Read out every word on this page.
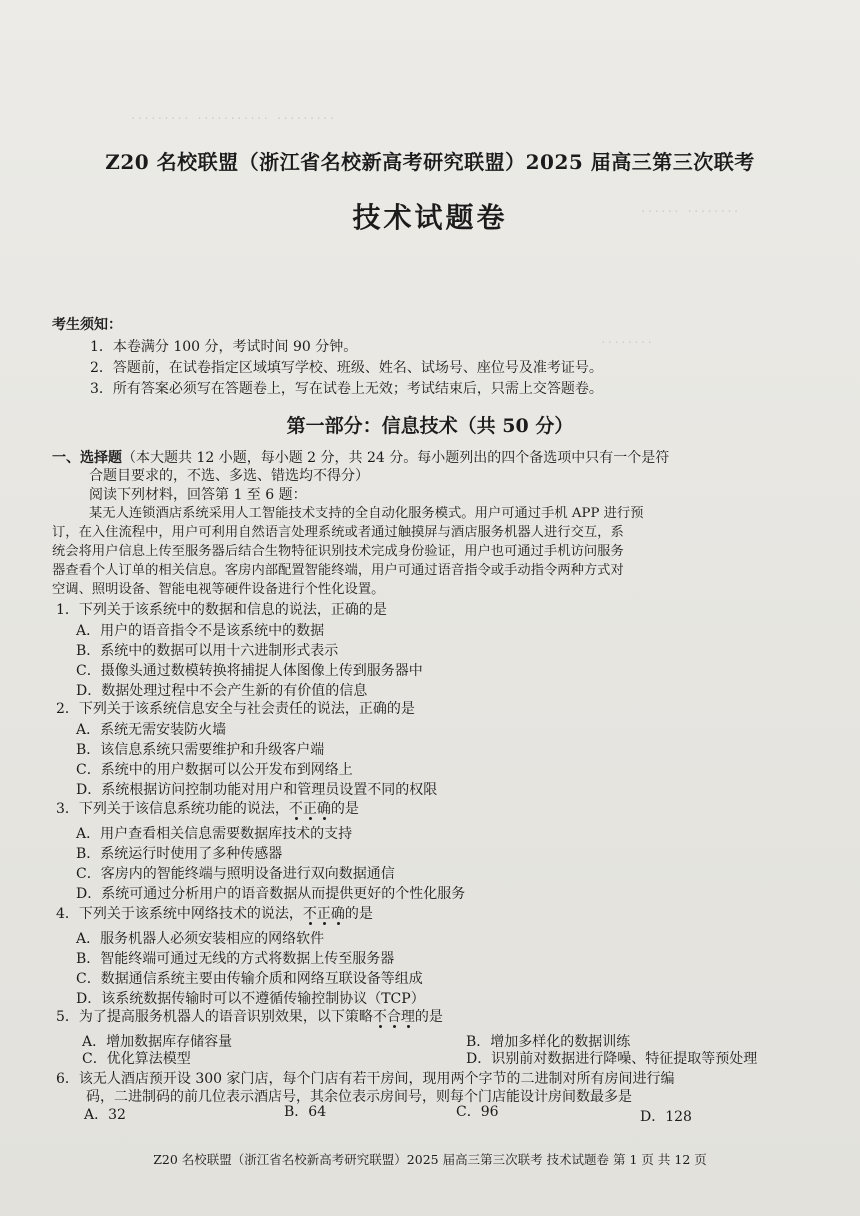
········· ··········· ·········
······ ········
········
Z20 名校联盟（浙江省名校新高考研究联盟）2025 届高三第三次联考
技术试题卷
考生须知：
1．本卷满分 100 分，考试时间 90 分钟。
2．答题前，在试卷指定区域填写学校、班级、姓名、试场号、座位号及准考证号。
3．所有答案必须写在答题卷上，写在试卷上无效；考试结束后，只需上交答题卷。
第一部分：信息技术（共 50 分）
一、选择题（本大题共 12 小题，每小题 2 分，共 24 分。每小题列出的四个备选项中只有一个是符
合题目要求的，不选、多选、错选均不得分）
阅读下列材料，回答第 1 至 6 题：
某无人连锁酒店系统采用人工智能技术支持的全自动化服务模式。用户可通过手机 APP 进行预
订，在入住流程中，用户可利用自然语言处理系统或者通过触摸屏与酒店服务机器人进行交互，系
统会将用户信息上传至服务器后结合生物特征识别技术完成身份验证，用户也可通过手机访问服务
器查看个人订单的相关信息。客房内部配置智能终端，用户可通过语音指令或手动指令两种方式对
空调、照明设备、智能电视等硬件设备进行个性化设置。
1．下列关于该系统中的数据和信息的说法，正确的是
A．用户的语音指令不是该系统中的数据
B．系统中的数据可以用十六进制形式表示
C．摄像头通过数模转换将捕捉人体图像上传到服务器中
D．数据处理过程中不会产生新的有价值的信息
2．下列关于该系统信息安全与社会责任的说法，正确的是
A．系统无需安装防火墙
B．该信息系统只需要维护和升级客户端
C．系统中的用户数据可以公开发布到网络上
D．系统根据访问控制功能对用户和管理员设置不同的权限
3．下列关于该信息系统功能的说法，不正确的是
A．用户查看相关信息需要数据库技术的支持
B．系统运行时使用了多种传感器
C．客房内的智能终端与照明设备进行双向数据通信
D．系统可通过分析用户的语音数据从而提供更好的个性化服务
4．下列关于该系统中网络技术的说法，不正确的是
A．服务机器人必须安装相应的网络软件
B．智能终端可通过无线的方式将数据上传至服务器
C．数据通信系统主要由传输介质和网络互联设备等组成
D．该系统数据传输时可以不遵循传输控制协议（TCP）
5．为了提高服务机器人的语音识别效果，以下策略不合理的是
A．增加数据库存储容量	B．增加多样化的数据训练
C．优化算法模型	D．识别前对数据进行降噪、特征提取等预处理
6．该无人酒店预开设 300 家门店，每个门店有若干房间，现用两个字节的二进制对所有房间进行编
码，二进制码的前几位表示酒店号，其余位表示房间号，则每个门店能设计房间数最多是
A．32	B．64	C．96	D．128
Z20 名校联盟（浙江省名校新高考研究联盟）2025 届高三第三次联考 技术试题卷 第 1 页 共 12 页
